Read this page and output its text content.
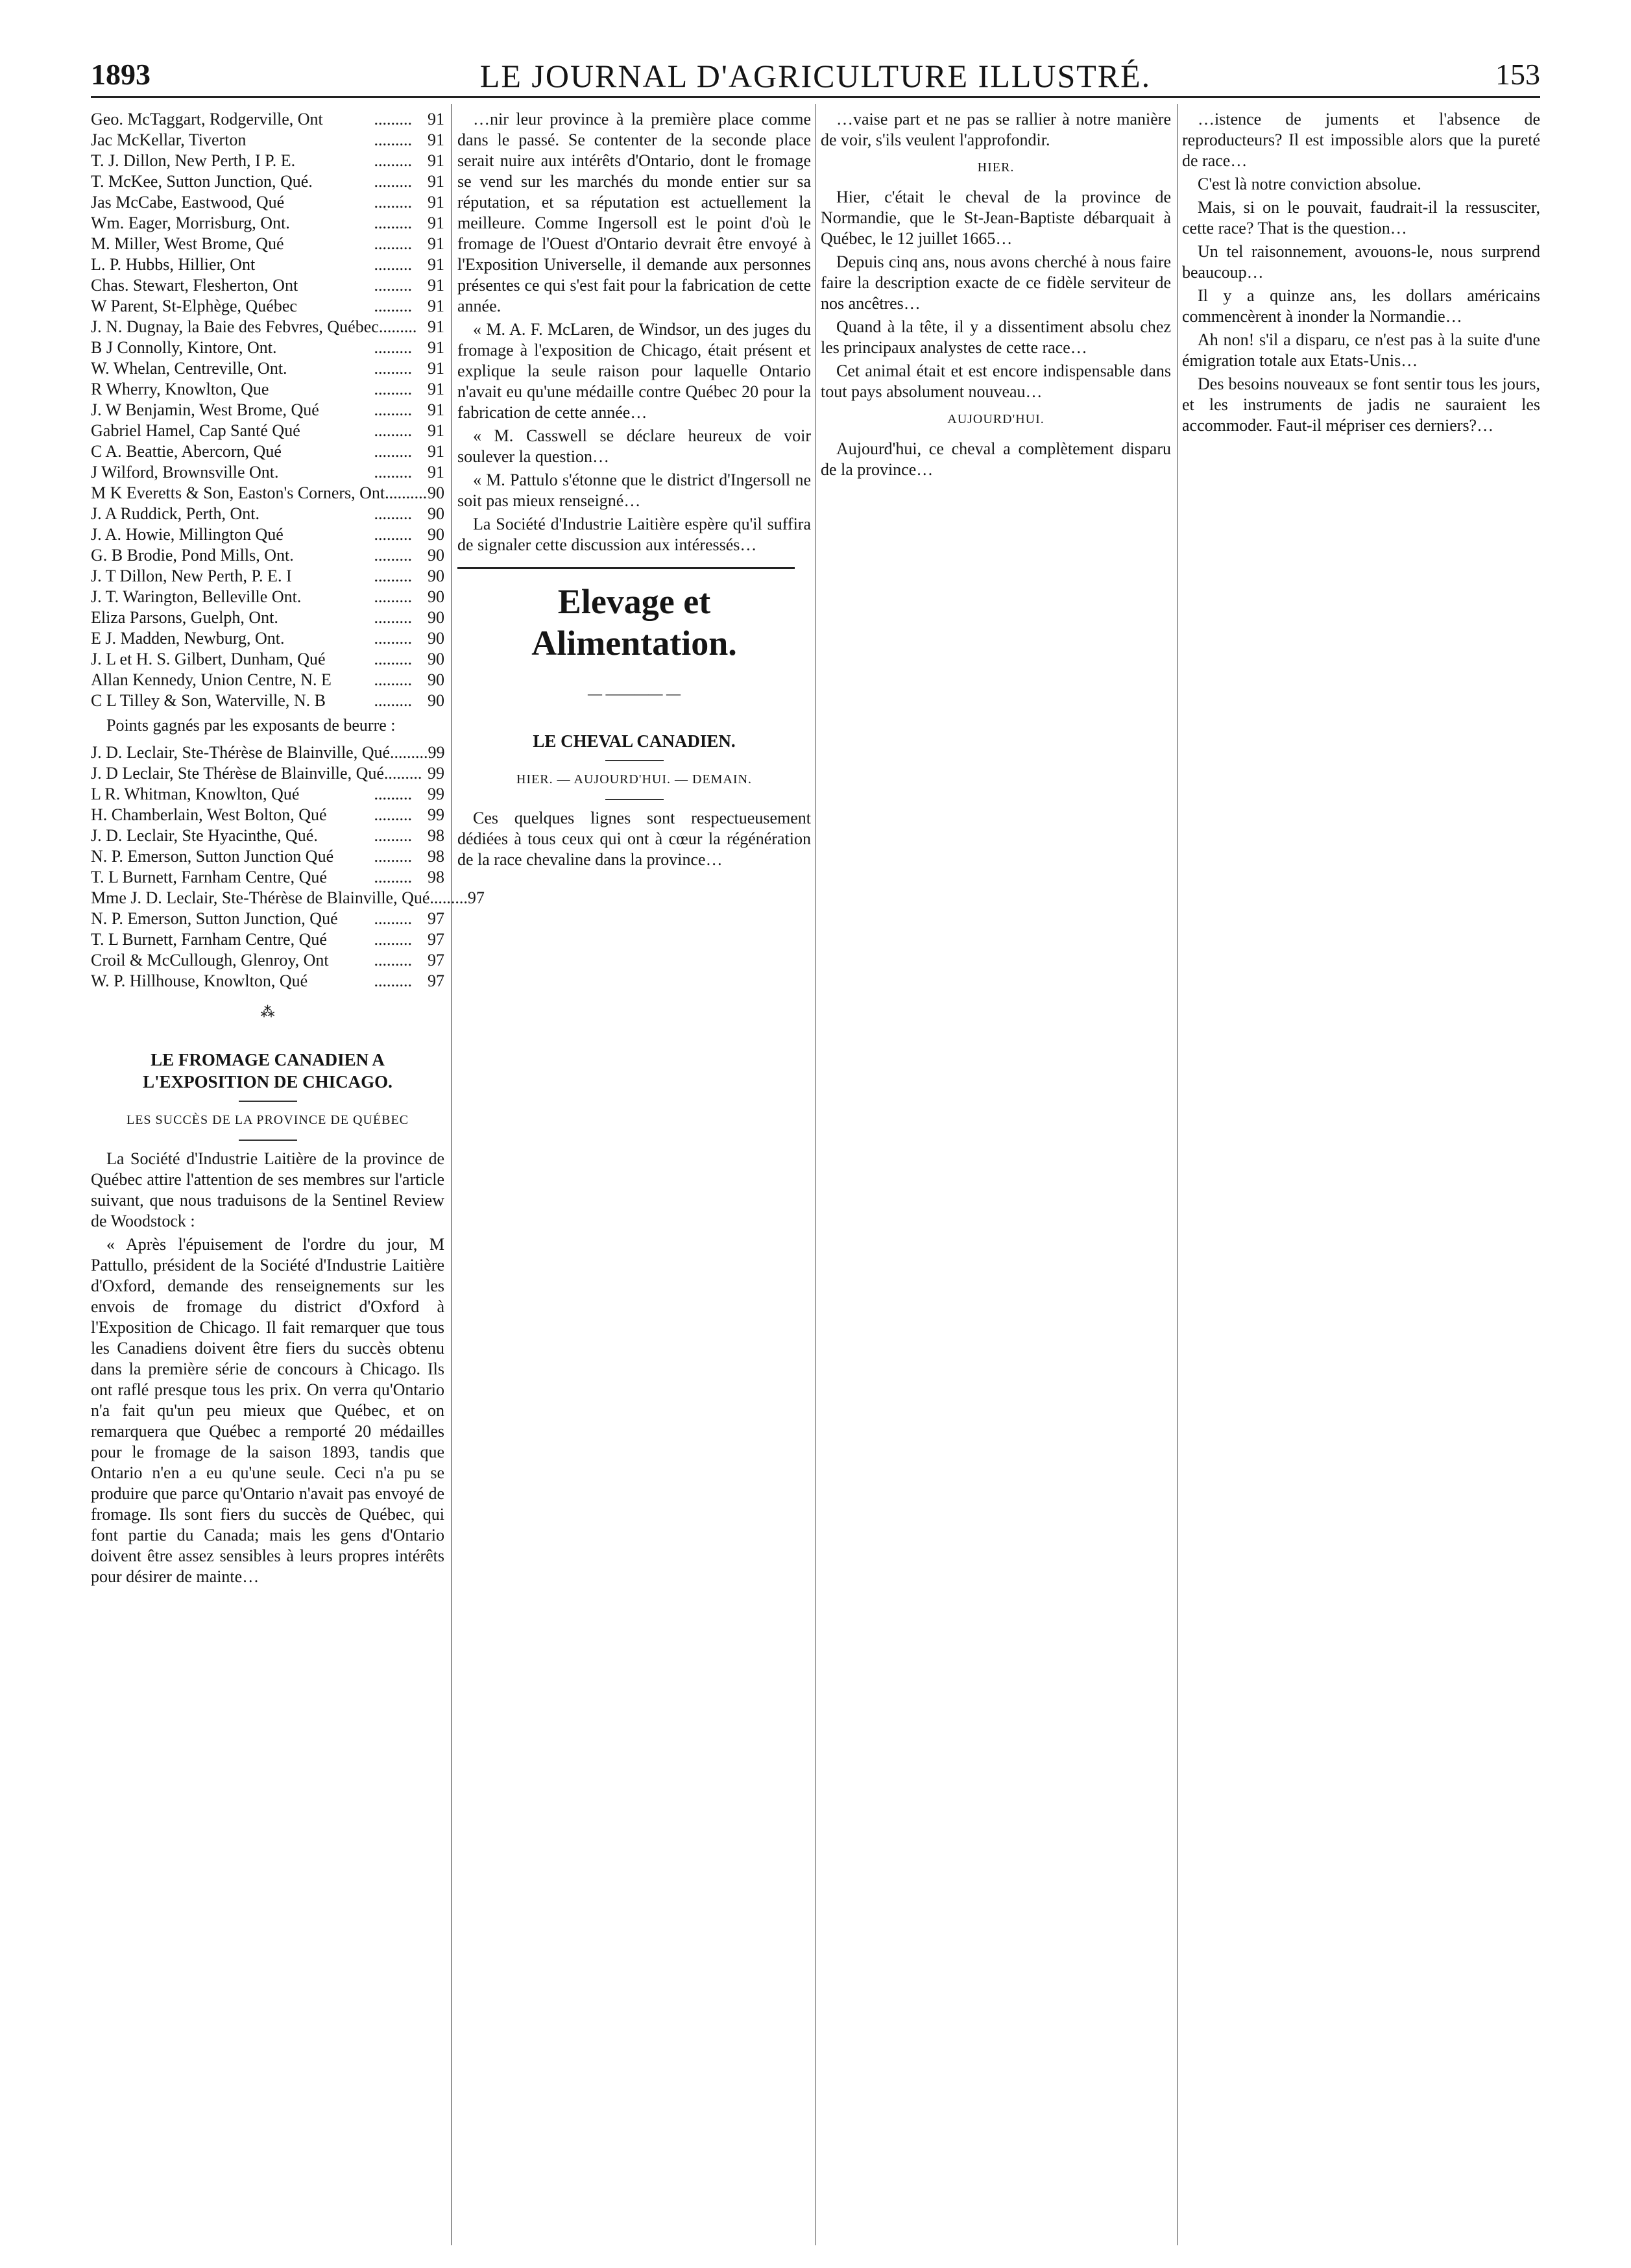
1893	LE JOURNAL D'AGRICULTURE ILLUSTRÉ.	153
Geo. McTaggart, Rodgerville, Ont	......... 91
Jac McKellar, Tiverton	......... 91
T. J. Dillon, New Perth, I P. E.	......... 91
T. McKee, Sutton Junction, Qué.	......... 91
Jas McCabe, Eastwood, Qué	......... 91
Wm. Eager, Morrisburg, Ont.	......... 91
M. Miller, West Brome, Qué	......... 91
L. P. Hubbs, Hillier, Ont	......... 91
Chas. Stewart, Flesherton, Ont	......... 91
W Parent, St-Elphège, Québec	......... 91
J. N. Dugnay, la Baie des Febvres, Québec ......... 91
B J Connolly, Kintore, Ont.	......... 91
W. Whelan, Centreville, Ont.	......... 91
R Wherry, Knowlton, Que	......... 91
J. W Benjamin, West Brome, Qué	......... 91
Gabriel Hamel, Cap Santé Qué	......... 91
C A. Beattie, Abercorn, Qué	......... 91
J Wilford, Brownsville Ont.	......... 91
M K Everetts & Son, Easton's Corners, Ont. ......... 90
J. A Ruddick, Perth, Ont.	......... 90
J. A. Howie, Millington Qué	......... 90
G. B Brodie, Pond Mills, Ont.	......... 90
J. T Dillon, New Perth, P. E. I	......... 90
J. T. Warington, Belleville Ont.	......... 90
Eliza Parsons, Guelph, Ont.	......... 90
E J. Madden, Newburg, Ont.	......... 90
J. L et H. S. Gilbert, Dunham, Qué	......... 90
Allan Kennedy, Union Centre, N. E	......... 90
C L Tilley & Son, Waterville, N. B	......... 90

Points gagnés par les exposants de beurre :

J. D. Leclair, Ste-Thérèse de Blainville, Qué ......... 99
J. D Leclair, Ste Thérèse de Blainville, Qué ......... 99
L R. Whitman, Knowlton, Qué	......... 99
H. Chamberlain, West Bolton, Qué	......... 99
J. D. Leclair, Ste Hyacinthe, Qué.	......... 98
N. P. Emerson, Sutton Junction Qué	......... 98
T. L Burnett, Farnham Centre, Qué	......... 98
Mme J. D. Leclair, Ste-Thérèse de Blainville, Qué ......... 97
N. P. Emerson, Sutton Junction, Qué	......... 97
T. L Burnett, Farnham Centre, Qué	......... 97
Croil & McCullough, Glenroy, Ont	......... 97
W. P. Hillhouse, Knowlton, Qué	......... 97
⁂
LE FROMAGE CANADIEN A L'EXPOSITION DE CHICAGO.
LES SUCCÈS DE LA PROVINCE DE QUÉBEC

La Société d'Industrie Laitière de la province de Québec attire l'attention de ses membres sur l'article suivant, que nous traduisons de la Sentinel Review de Woodstock :

« Après l'épuisement de l'ordre du jour, M Pattullo, président de la Société d'Industrie Laitière d'Oxford, demande des renseignements sur les envois de fromage du district d'Oxford à l'Exposition de Chicago. Il fait remarquer que tous les Canadiens doivent être fiers du succès obtenu dans la première série de concours à Chicago. Ils ont raflé presque tous les prix. On verra qu'Ontario n'a fait qu'un peu mieux que Québec, et on remarquera que Québec a remporté 20 médailles pour le fromage de la saison 1893, tandis que Ontario n'en a eu qu'une seule. Ceci n'a pu se produire que parce qu'Ontario n'avait pas envoyé de fromage. Ils sont fiers du succès de Québec, qui font partie du Canada; mais les gens d'Ontario doivent être assez sensibles à leurs propres intérêts pour désirer de mainte…

…nir leur province à la première place comme dans le passé. Se contenter de la seconde place serait nuire aux intérêts d'Ontario, dont le fromage se vend sur les marchés du monde entier sur sa réputation, et sa réputation est actuellement la meilleure. Comme Ingersoll est le point d'où le fromage de l'Ouest d'Ontario devrait être envoyé à l'Exposition Universelle, il demande aux personnes présentes ce qui s'est fait pour la fabrication de cette année.

« M. A. F. McLaren, de Windsor, un des juges du fromage à l'exposition de Chicago, était présent et explique la seule raison pour laquelle Ontario n'avait eu qu'une médaille contre Québec 20 pour la fabrication de cette année…

« M. Casswell se déclare heureux de voir soulever la question…

« M. Pattulo s'étonne que le district d'Ingersoll ne soit pas mieux renseigné…

La Société d'Industrie Laitière espère qu'il suffira de signaler cette discussion aux intéressés…

Elevage et Alimentation.
— ———— —
LE CHEVAL CANADIEN.
HIER. — AUJOURD'HUI. — DEMAIN.

Ces quelques lignes sont respectueusement dédiées à tous ceux qui ont à cœur la régénération de la race chevaline dans la province…

…vaise part et ne pas se rallier à notre manière de voir, s'ils veulent l'approfondir.

HIER.

Hier, c'était le cheval de la province de Normandie, que le St-Jean-Baptiste débarquait à Québec, le 12 juillet 1665…

Depuis cinq ans, nous avons cherché à nous faire faire la description exacte de ce fidèle serviteur de nos ancêtres…

Quand à la tête, il y a dissentiment absolu chez les principaux analystes de cette race…

Cet animal était et est encore indispensable dans tout pays absolument nouveau…

AUJOURD'HUI.

Aujourd'hui, ce cheval a complètement disparu de la province…

…istence de juments et l'absence de reproducteurs? Il est impossible alors que la pureté de race…

C'est là notre conviction absolue.

Mais, si on le pouvait, faudrait-il la ressusciter, cette race? That is the question…

Un tel raisonnement, avouons-le, nous surprend beaucoup…

Il y a quinze ans, les dollars américains commencèrent à inonder la Normandie…

Ah non! s'il a disparu, ce n'est pas à la suite d'une émigration totale aux Etats-Unis…

Des besoins nouveaux se font sentir tous les jours, et les instruments de jadis ne sauraient les accommoder. Faut-il mépriser ces derniers?…
